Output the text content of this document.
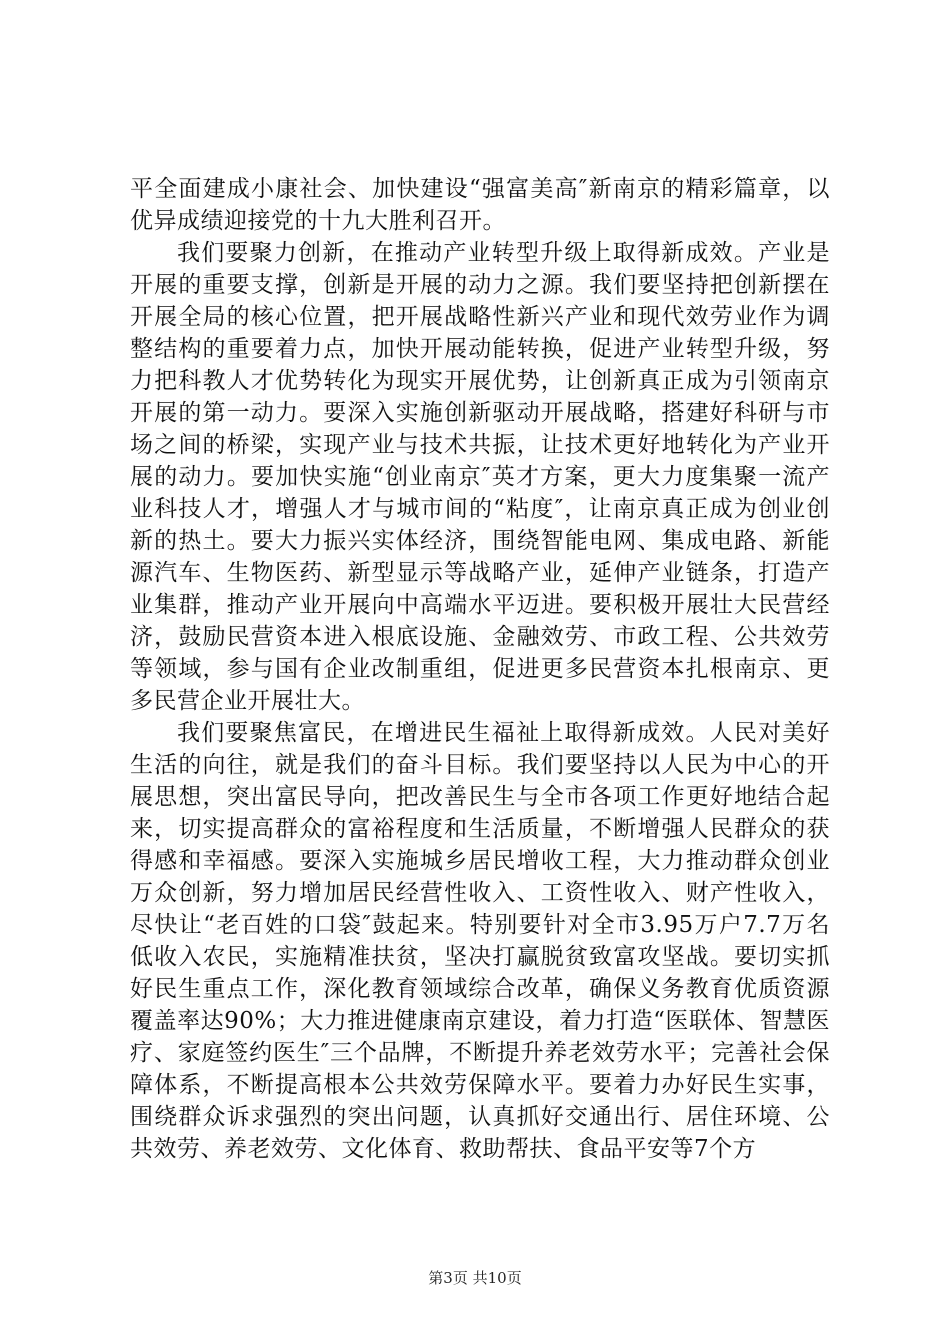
平全面建成小康社会、加快建设“强富美高″新南京的精彩篇章，以优异成绩迎接党的十九大胜利召开。

我们要聚力创新，在推动产业转型升级上取得新成效。产业是开展的重要支撑，创新是开展的动力之源。我们要坚持把创新摆在开展全局的核心位置，把开展战略性新兴产业和现代效劳业作为调整结构的重要着力点，加快开展动能转换，促进产业转型升级，努力把科教人才优势转化为现实开展优势，让创新真正成为引领南京开展的第一动力。要深入实施创新驱动开展战略，搭建好科研与市场之间的桥梁，实现产业与技术共振，让技术更好地转化为产业开展的动力。要加快实施“创业南京″英才方案，更大力度集聚一流产业科技人才，增强人才与城市间的“粘度″，让南京真正成为创业创新的热土。要大力振兴实体经济，围绕智能电网、集成电路、新能源汽车、生物医药、新型显示等战略产业，延伸产业链条，打造产业集群，推动产业开展向中高端水平迈进。要积极开展壮大民营经济，鼓励民营资本进入根底设施、金融效劳、市政工程、公共效劳等领域，参与国有企业改制重组，促进更多民营资本扎根南京、更多民营企业开展壮大。

我们要聚焦富民，在增进民生福祉上取得新成效。人民对美好生活的向往，就是我们的奋斗目标。我们要坚持以人民为中心的开展思想，突出富民导向，把改善民生与全市各项工作更好地结合起来，切实提高群众的富裕程度和生活质量，不断增强人民群众的获得感和幸福感。要深入实施城乡居民增收工程，大力推动群众创业万众创新，努力增加居民经营性收入、工资性收入、财产性收入，尽快让“老百姓的口袋″鼓起来。特别要针对全市3.95万户7.7万名低收入农民，实施精准扶贫，坚决打赢脱贫致富攻坚战。要切实抓好民生重点工作，深化教育领域综合改革，确保义务教育优质资源覆盖率达90%；大力推进健康南京建设，着力打造“医联体、智慧医疗、家庭签约医生″三个品牌，不断提升养老效劳水平；完善社会保障体系，不断提高根本公共效劳保障水平。要着力办好民生实事，围绕群众诉求强烈的突出问题，认真抓好交通出行、居住环境、公共效劳、养老效劳、文化体育、救助帮扶、食品平安等7个方

第3页 共10页
